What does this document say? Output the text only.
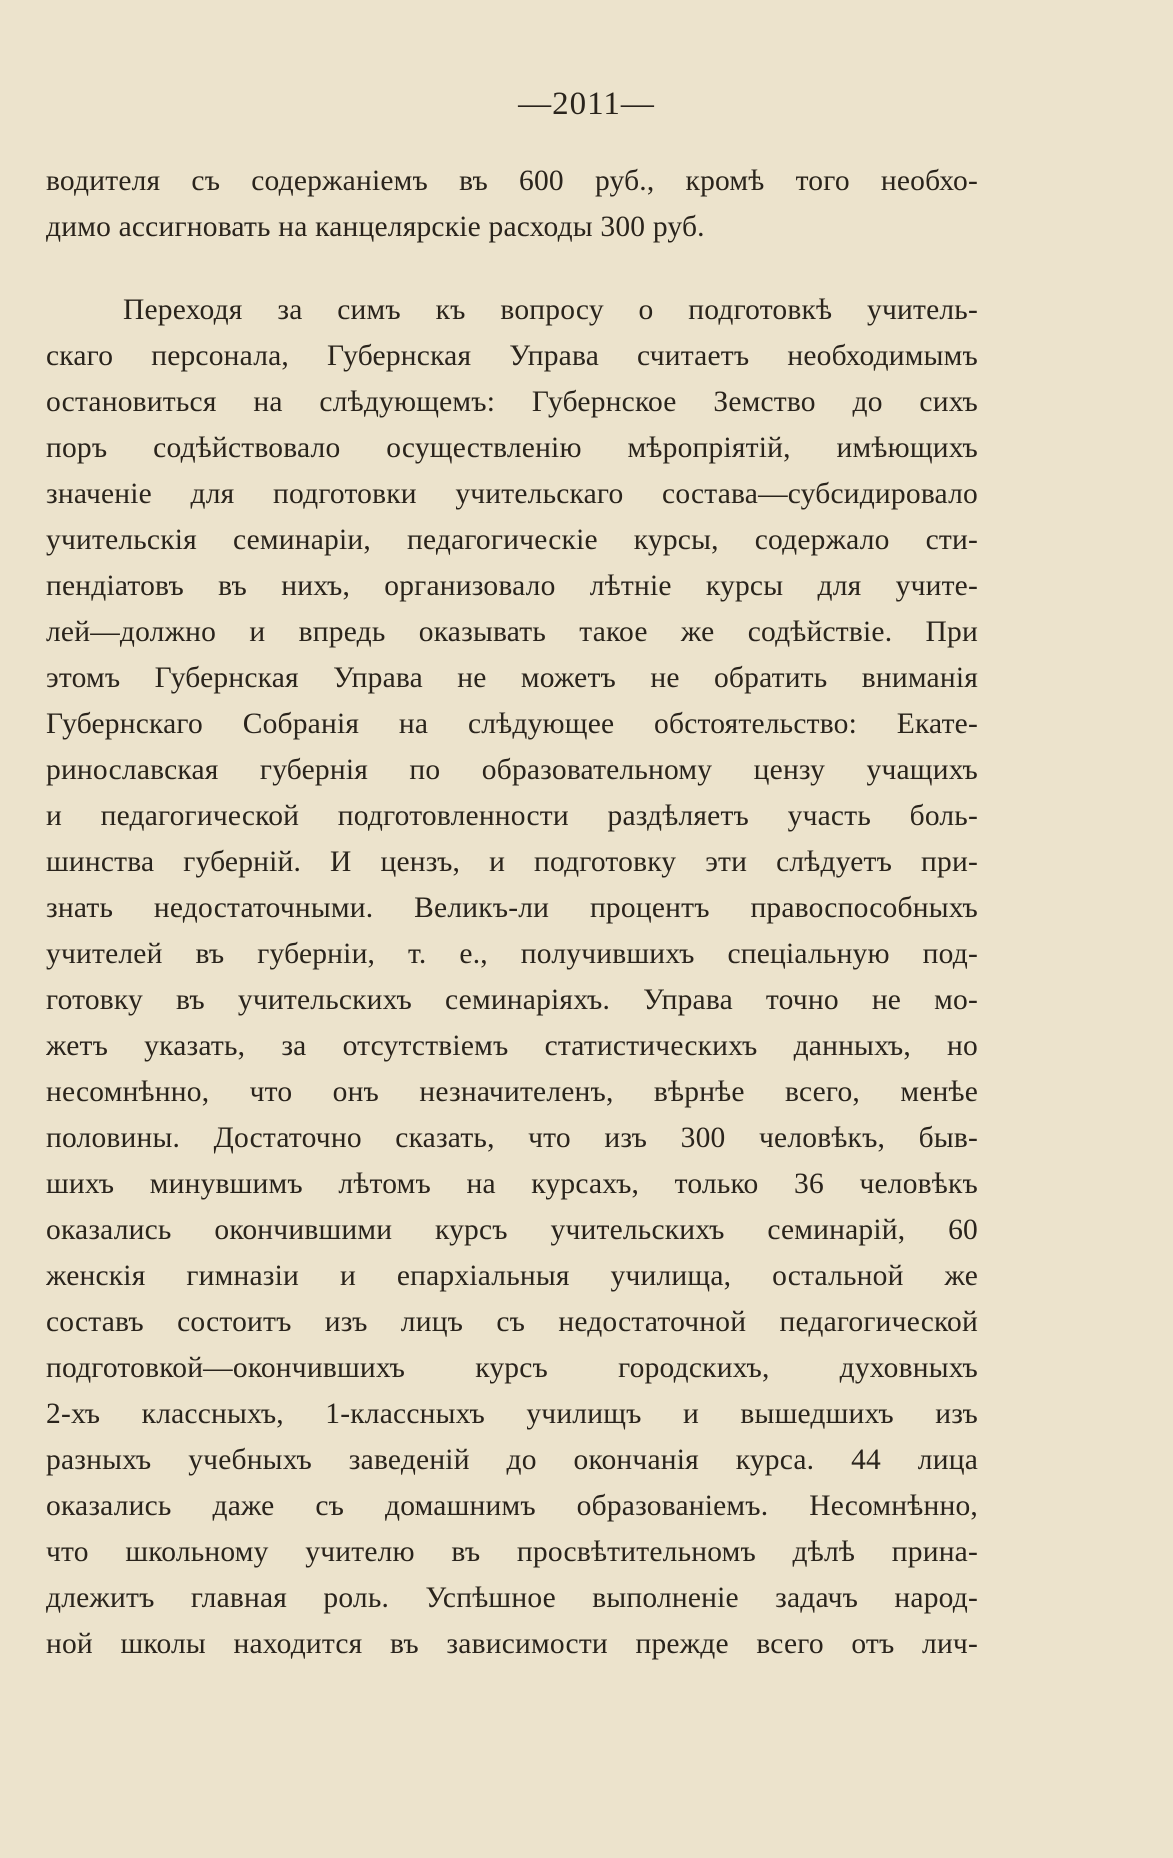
—2011—
водителя съ содержаніемъ въ 600 руб., кромѣ того необхо-
димо ассигновать на канцелярскіе расходы 300 руб.
Переходя за симъ къ вопросу о подготовкѣ учитель-
скаго персонала, Губернская Управа считаетъ необходимымъ
остановиться на слѣдующемъ: Губернское Земство до сихъ
поръ содѣйствовало осуществленію мѣропріятій, имѣющихъ
значеніе для подготовки учительскаго состава—субсидировало
учительскія семинаріи, педагогическіе курсы, содержало сти-
пендіатовъ въ нихъ, организовало лѣтніе курсы для учите-
лей—должно и впредь оказывать такое же содѣйствіе. При
этомъ Губернская Управа не можетъ не обратить вниманія
Губернскаго Собранія на слѣдующее обстоятельство: Екате-
ринославская губернія по образовательному цензу учащихъ
и педагогической подготовленности раздѣляетъ участь боль-
шинства губерній. И цензъ, и подготовку эти слѣдуетъ при-
знать недостаточными. Великъ-ли процентъ правоспособныхъ
учителей въ губерніи, т. е., получившихъ спеціальную под-
готовку въ учительскихъ семинаріяхъ. Управа точно не мо-
жетъ указать, за отсутствіемъ статистическихъ данныхъ, но
несомнѣнно, что онъ незначителенъ, вѣрнѣе всего, менѣе
половины. Достаточно сказать, что изъ 300 человѣкъ, быв-
шихъ минувшимъ лѣтомъ на курсахъ, только 36 человѣкъ
оказались окончившими курсъ учительскихъ семинарій, 60
женскія гимназіи и епархіальныя училища, остальной же
составъ состоитъ изъ лицъ съ недостаточной педагогической
подготовкой—окончившихъ курсъ городскихъ, духовныхъ
2-хъ классныхъ, 1-классныхъ училищъ и вышедшихъ изъ
разныхъ учебныхъ заведеній до окончанія курса. 44 лица
оказались даже съ домашнимъ образованіемъ. Несомнѣнно,
что школьному учителю въ просвѣтительномъ дѣлѣ прина-
длежитъ главная роль. Успѣшное выполненіе задачъ народ-
ной школы находится въ зависимости прежде всего отъ лич-
